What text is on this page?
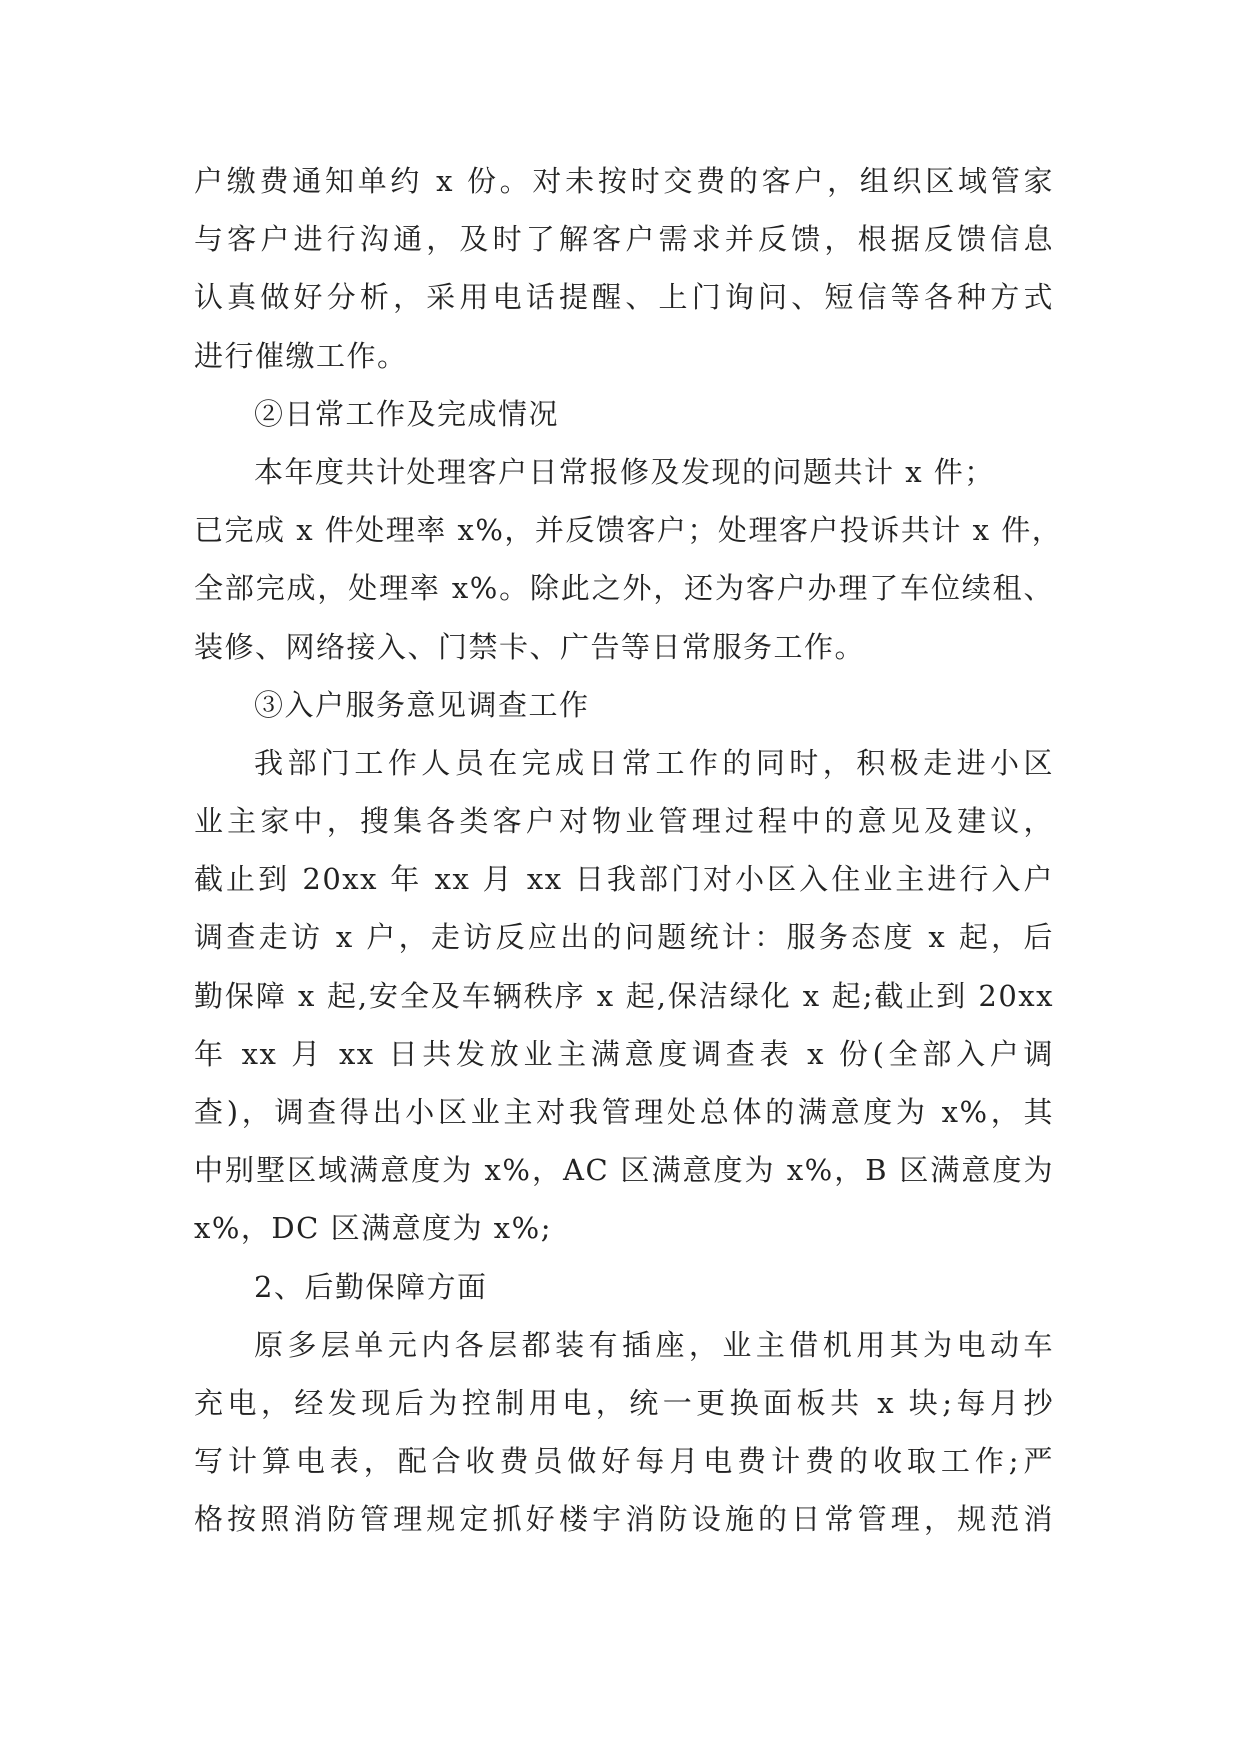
户缴费通知单约 x 份。对未按时交费的客户，组织区域管家
与客户进行沟通，及时了解客户需求并反馈，根据反馈信息
认真做好分析，采用电话提醒、上门询问、短信等各种方式
进行催缴工作。
②日常工作及完成情况
本年度共计处理客户日常报修及发现的问题共计 x 件；
已完成 x 件处理率 x%，并反馈客户；处理客户投诉共计 x 件，
全部完成，处理率 x%。除此之外，还为客户办理了车位续租、
装修、网络接入、门禁卡、广告等日常服务工作。
③入户服务意见调查工作
我部门工作人员在完成日常工作的同时，积极走进小区
业主家中，搜集各类客户对物业管理过程中的意见及建议，
截止到 20xx 年 xx 月 xx 日我部门对小区入住业主进行入户
调查走访 x 户，走访反应出的问题统计：服务态度 x 起，后
勤保障 x 起,安全及车辆秩序 x 起,保洁绿化 x 起;截止到 20xx
年 xx 月 xx 日共发放业主满意度调查表 x 份(全部入户调
查)，调查得出小区业主对我管理处总体的满意度为 x%，其
中别墅区域满意度为 x%，AC 区满意度为 x%，B 区满意度为
x%，DC 区满意度为 x%;
2、后勤保障方面
原多层单元内各层都装有插座，业主借机用其为电动车
充电，经发现后为控制用电，统一更换面板共 x 块;每月抄
写计算电表，配合收费员做好每月电费计费的收取工作;严
格按照消防管理规定抓好楼宇消防设施的日常管理，规范消
